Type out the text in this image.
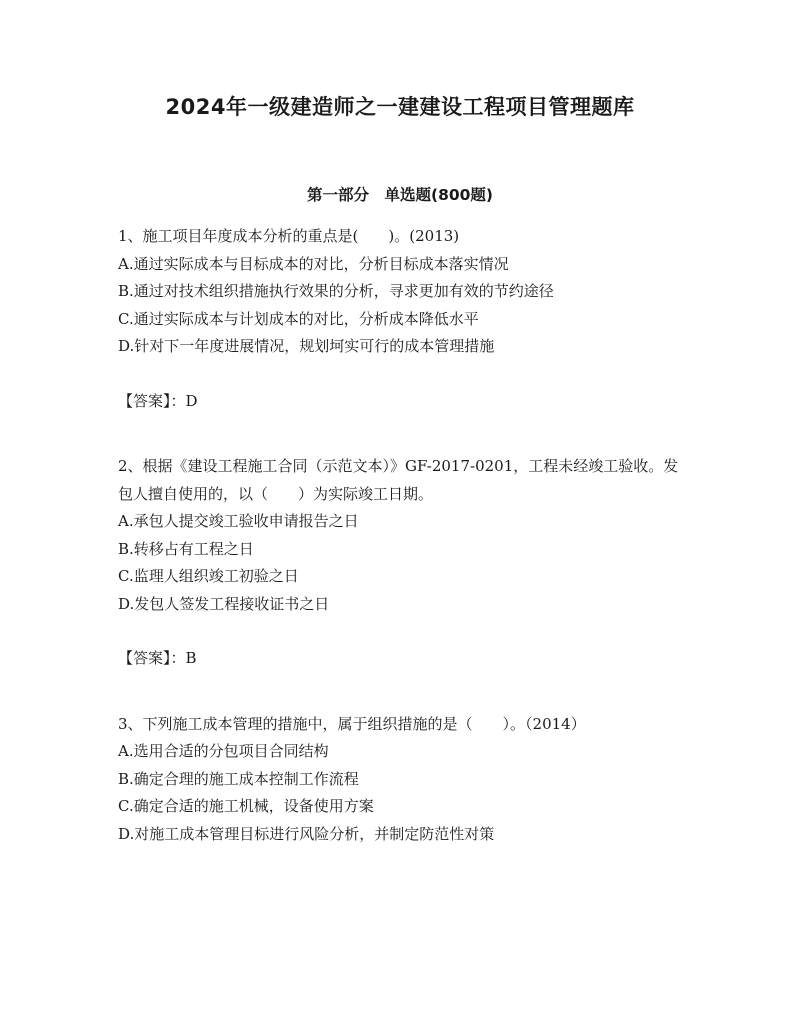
2024年一级建造师之一建建设工程项目管理题库
第一部分　单选题(800题)

1、施工项目年度成本分析的重点是(　　)。(2013)

A.通过实际成本与目标成本的对比，分析目标成本落实情况

B.通过对技术组织措施执行效果的分析，寻求更加有效的节约途径

C.通过实际成本与计划成本的对比，分析成本降低水平

D.针对下一年度进展情况，规划坷实可行的成本管理措施

【答案】：D

2、根据《建设工程施工合同（示范文本）》GF-2017-0201，工程未经竣工验收。发包人擅自使用的，以（　　）为实际竣工日期。

A.承包人提交竣工验收申请报告之日

B.转移占有工程之日

C.监理人组织竣工初验之日

D.发包人签发工程接收证书之日

【答案】：B

3、下列施工成本管理的措施中，属于组织措施的是（　　）。（2014）

A.选用合适的分包项目合同结构

B.确定合理的施工成本控制工作流程

C.确定合适的施工机械，设备使用方案

D.对施工成本管理目标进行风险分析，并制定防范性对策
